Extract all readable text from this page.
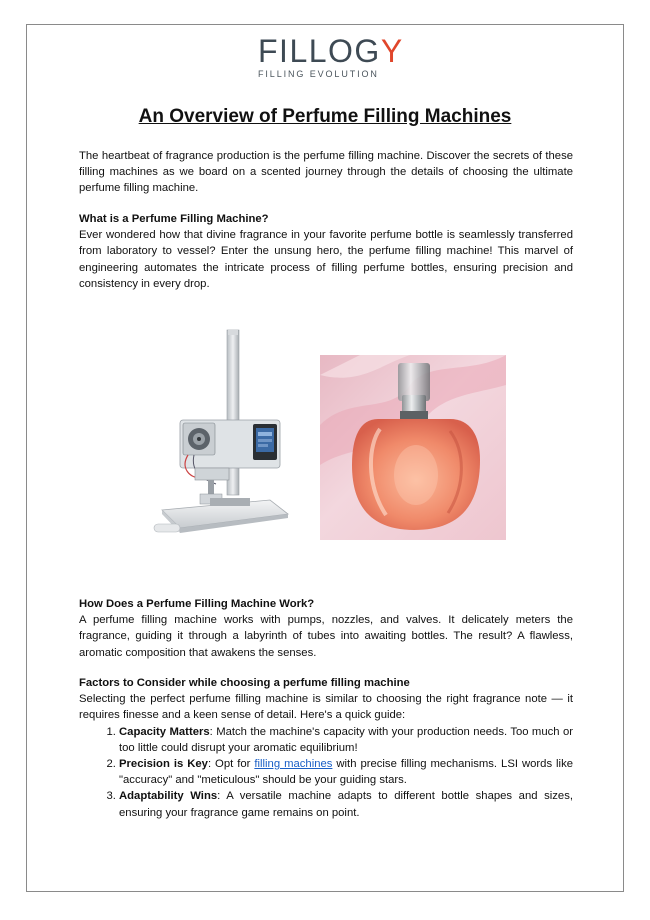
FILLOGY
FILLING EVOLUTION
An Overview of Perfume Filling Machines

The heartbeat of fragrance production is the perfume filling machine. Discover the secrets of these filling machines as we board on a scented journey through the details of choosing the ultimate perfume filling machine.

What is a Perfume Filling Machine?

Ever wondered how that divine fragrance in your favorite perfume bottle is seamlessly transferred from laboratory to vessel? Enter the unsung hero, the perfume filling machine! This marvel of engineering automates the intricate process of filling perfume bottles, ensuring precision and consistency in every drop.

How Does a Perfume Filling Machine Work?

A perfume filling machine works with pumps, nozzles, and valves. It delicately meters the fragrance, guiding it through a labyrinth of tubes into awaiting bottles. The result? A flawless, aromatic composition that awakens the senses.

Factors to Consider while choosing a perfume filling machine

Selecting the perfect perfume filling machine is similar to choosing the right fragrance note — it requires finesse and a keen sense of detail. Here's a quick guide:

1. Capacity Matters: Match the machine's capacity with your production needs. Too much or too little could disrupt your aromatic equilibrium!
2. Precision is Key: Opt for filling machines with precise filling mechanisms. LSI words like "accuracy" and "meticulous" should be your guiding stars.
3. Adaptability Wins: A versatile machine adapts to different bottle shapes and sizes, ensuring your fragrance game remains on point.
